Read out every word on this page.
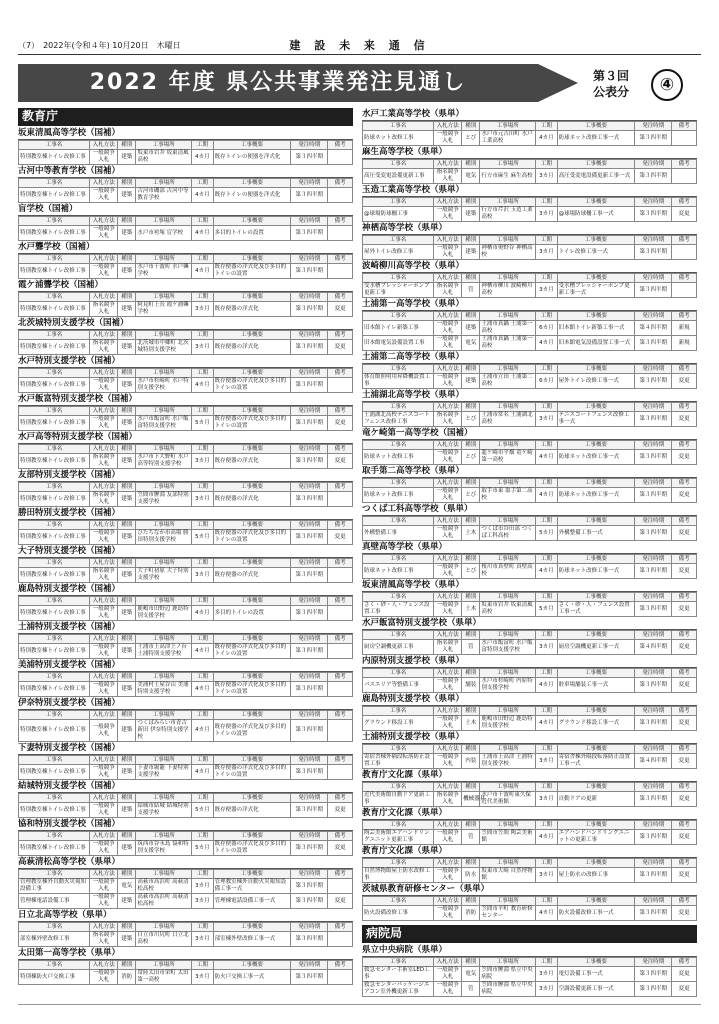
（7）　2022年(令和４年) 10月20日　木曜日	建 設 未 来 通 信
2022 年度 県公共事業発注見通し	第３回
公表分	④
教育庁
坂東清風高等学校（国補）
工事名	入札方法	種別	工事場所	工期	工事概要	発注時期	備考
特別教室棟トイレ改修工事	一般競争入札	建築	坂東市岩井 坂東清風高校	4カ月	既存トイレの便器を洋式化	第３四半期	
古河中等教育学校（国補）
工事名	入札方法	種別	工事場所	工期	工事概要	発注時期	備考
特別教室棟トイレ改修工事	一般競争入札	建築	古河市磯部 古河中等教育学校	4カ月	既存トイレの便器を洋式化	第３四半期	
盲学校（国補）
工事名	入札方法	種別	工事場所	工期	工事概要	発注時期	備考
特別教室棟トイレ改修工事	一般競争入札	建築	水戸市袴塚 盲学校	4カ月	多目的トイレの設置	第３四半期	
水戸聾学校（国補）
工事名	入札方法	種別	工事場所	工期	工事概要	発注時期	備考
特別教室棟トイレ改修工事	一般競争入札	建築	水戸市千波町 水戸聾学校	4カ月	既存便器の洋式化及び多目的トイレの設置	第３四半期	
霞ケ浦聾学校（国補）
工事名	入札方法	種別	工事場所	工期	工事概要	発注時期	備考
特別教室棟トイレ改修工事	指名競争入札	建築	阿見町上長 霞ケ浦聾学校	3カ月	既存便器の洋式化	第３四半期	変更
北茨城特別支援学校（国補）
工事名	入札方法	種別	工事場所	工期	工事概要	発注時期	備考
特別教室棟トイレ改修工事	指名競争入札	建築	北茨城市中郷町 北茨城特別支援学校	3カ月	既存便器の洋式化	第３四半期	変更
水戸特別支援学校（国補）
工事名	入札方法	種別	工事場所	工期	工事概要	発注時期	備考
特別教室棟トイレ改修工事	一般競争入札	建築	水戸市杉崎町 水戸特別支援学校	4カ月	既存便器の洋式化及び多目的トイレの設置	第３四半期	
水戸飯富特別支援学校（国補）
工事名	入札方法	種別	工事場所	工期	工事概要	発注時期	備考
特別教室棟トイレ改修工事	一般競争入札	建築	水戸市飯富町 水戸飯富特別支援学校	5カ月	既存便器の洋式化及び多目的トイレの設置	第３四半期	変更
水戸高等特別支援学校（国補）
工事名	入札方法	種別	工事場所	工期	工事概要	発注時期	備考
特別教室棟トイレ改修工事	指名競争入札	建築	水戸市下大野町 水戸高等特別支援学校	3カ月	既存便器の洋式化	第３四半期	変更
友部特別支援学校（国補）
工事名	入札方法	種別	工事場所	工期	工事概要	発注時期	備考
特別教室棟トイレ改修工事	指名競争入札	建築	笠間市鯉淵 友部特別支援学校	3カ月	既存便器の洋式化	第３四半期	
勝田特別支援学校（国補）
工事名	入札方法	種別	工事場所	工期	工事概要	発注時期	備考
特別教室棟トイレ改修工事	一般競争入札	建築	ひたちなか市高場 勝田特別支援学校	5カ月	既存便器の洋式化及び多目的トイレの設置	第３四半期	変更
大子特別支援学校（国補）
工事名	入札方法	種別	工事場所	工期	工事概要	発注時期	備考
特別教室棟トイレ改修工事	指名競争入札	建築	大子町初原 大子特別支援学校	3カ月	既存便器の洋式化	第３四半期	
鹿島特別支援学校（国補）
工事名	入札方法	種別	工事場所	工期	工事概要	発注時期	備考
特別教室棟トイレ改修工事	一般競争入札	建築	鹿嶋市田野辺 鹿島特別支援学校	4カ月	多目的トイレの設置	第３四半期	
土浦特別支援学校（国補）
工事名	入札方法	種別	工事場所	工期	工事概要	発注時期	備考
特別教室棟トイレ改修工事	一般競争入札	建築	土浦市上高津上ノ台 土浦特別支援学校	4カ月	既存便器の洋式化及び多目的トイレの設置	第３四半期	
美浦特別支援学校（国補）
工事名	入札方法	種別	工事場所	工期	工事概要	発注時期	備考
特別教室棟トイレ改修工事	一般競争入札	建築	美浦村土屋谷山 美浦特別支援学校	4カ月	既存便器の洋式化及び多目的トイレの設置	第３四半期	
伊奈特別支援学校（国補）
工事名	入札方法	種別	工事場所	工期	工事概要	発注時期	備考
特別教室棟トイレ改修工事	一般競争入札	建築	つくばみらい市青古新田 伊奈特別支援学校	4カ月	既存便器の洋式化及び多目的トイレの設置	第３四半期	
下妻特別支援学校（国補）
工事名	入札方法	種別	工事場所	工期	工事概要	発注時期	備考
特別教室棟トイレ改修工事	一般競争入札	建築	下妻市堀籠 下妻特別支援学校	4カ月	既存便器の洋式化及び多目的トイレの設置	第３四半期	
結城特別支援学校（国補）
工事名	入札方法	種別	工事場所	工期	工事概要	発注時期	備考
特別教室棟トイレ改修工事	一般競争入札	建築	結城市結城 結城特別支援学校	5カ月	既存便器の洋式化	第３四半期	変更
協和特別支援学校（国補）
工事名	入札方法	種別	工事場所	工期	工事概要	発注時期	備考
特別教室棟トイレ改修工事	一般競争入札	建築	筑西市谷永島 協和特別支援学校	5カ月	既存便器の洋式化及び多目的トイレの設置	第３四半期	変更
高萩清松高等学校（県単）
工事名	入札方法	種別	工事場所	工期	工事概要	発注時期	備考
管理教室棟外自動火災報知設備工事	一般競争入札	電気	高萩市高浜町 高萩清松高校	3カ月	管理教室棟外自動火災報知設備工事一式	第３四半期	
管理棟電話設備工事	一般競争入札	建築	高萩市高浜町 高萩清松高校	3カ月	管理棟電話設備工事一式	第３四半期	変更
日立北高等学校（県単）
工事名	入札方法	種別	工事場所	工期	工事概要	発注時期	備考
部室棟外壁改修工事	指名競争入札	建築	日立市川尻町 日立北高校	3カ月	部室棟外壁改修工事一式	第３四半期	
太田第一高等学校（県単）
工事名	入札方法	種別	工事場所	工期	工事概要	発注時期	備考
特別棟防火戸交換工事	一般競争入札	消防	常陸太田市栄町 太田第一高校	3カ月	防火戸交換工事一式	第３四半期	
水戸工業高等学校（県単）
工事名	入札方法	種別	工事場所	工期	工事概要	発注時期	備考
防球ネット改修工事	一般競争入札	とび	水戸市元吉田町 水戸工業高校	4カ月	防球ネット改修工事一式	第３四半期	
麻生高等学校（県単）
工事名	入札方法	種別	工事場所	工期	工事概要	発注時期	備考
高圧受変電設備更新工事	指名競争入札	電気	行方市麻生 麻生高校	3カ月	高圧受変電設備更新工事一式	第３四半期	
玉造工業高等学校（県単）
工事名	入札方法	種別	工事場所	工期	工事概要	発注時期	備考
@球場防球柵工事	一般競争入札	建築	行方市芹沢 玉造工業高校	3カ月	@球場防球柵工事一式	第３四半期	変更
神栖高等学校（県単）
工事名	入札方法	種別	工事場所	工期	工事概要	発注時期	備考
屋外トイレ改修工事	一般競争入札	建築	神栖市奥野谷 神栖高校	3カ月	トイレ改修工事一式	第３四半期	
波崎柳川高等学校（県単）
工事名	入札方法	種別	工事場所	工期	工事概要	発注時期	備考
受水槽ブレッシャーポンプ更新工事	指名競争入札	管	神栖市柳川 波崎柳川高校	3カ月	受水槽ブレッシャーポンプ更新工事一式	第３四半期	
土浦第一高等学校（県単）
工事名	入札方法	種別	工事場所	工期	工事概要	発注時期	備考
旧本館トイレ新築工事	一般競争入札	建築	土浦市真鍋 土浦第一高校	6カ月	旧本館トイレ新築工事一式	第４四半期	新規
旧本館電気設備設置工事	一般競争入札	電気	土浦市真鍋 土浦第一高校	4カ月	旧本館電気設備設置工事一式	第３四半期	新規
土浦第二高等学校（県単）
工事名	入札方法	種別	工事場所	工期	工事概要	発注時期	備考
体育館照明用昇降機設置工事	一般競争入札	建築	土浦市立田 土浦第二高校	6カ月	屋外トイレ改修工事一式	第３四半期	変更
土浦湖北高等学校（県単）
工事名	入札方法	種別	工事場所	工期	工事概要	発注時期	備考
土浦湖北高校テニスコートフェンス改修工事	指名競争入札	とび	土浦市常名 土浦湖北高校	3カ月	テニスコートフェンス改修工事一式	第３四半期	変更
竜ケ崎第一高等学校（国補）
工事名	入札方法	種別	工事場所	工期	工事概要	発注時期	備考
防球ネット改修工事	一般競争入札	とび	龍ケ崎市平畑 竜ケ崎第一高校	4カ月	防球ネット改修工事一式	第３四半期	変更
取手第二高等学校（県単）
工事名	入札方法	種別	工事場所	工期	工事概要	発注時期	備考
防球ネット改修工事	一般競争入札	とび	取手市東 取手第二高校	4カ月	防球ネット改修工事一式	第３四半期	変更
つくば工科高等学校（県単）
工事名	入札方法	種別	工事場所	工期	工事概要	発注時期	備考
外構整備工事	一般競争入札	土木	つくば市谷田部 つくば工科高校	5カ月	外構整備工事一式	第３四半期	変更
真壁高等学校（県単）
工事名	入札方法	種別	工事場所	工期	工事概要	発注時期	備考
防球ネット改修工事	一般競争入札	とび	桜川市真壁町 真壁高校	4カ月	防球ネット改修工事一式	第３四半期	変更
坂東清風高等学校（県単）
工事名	入札方法	種別	工事場所	工期	工事概要	発注時期	備考
さく・砂・人・フェンス設置工事	一般競争入札	土木	坂東市岩井 坂東清風高校	5カ月	さく・砂・人・フェンス設置工事一式	第３四半期	変更
水戸飯富特別支援学校（県単）
工事名	入札方法	種別	工事場所	工期	工事概要	発注時期	備考
厨房空調機更新工事	指名競争入札	管	水戸市飯富町 水戸飯富特別支援学校	3カ月	厨房空調機更新工事一式	第４四半期	変更
内原特別支援学校（県単）
工事名	入札方法	種別	工事場所	工期	工事概要	発注時期	備考
バスエリア等整備工事	一般競争入札	舗装	水戸市杉崎町 内原特別支援学校	4カ月	駐車場舗装工事一式	第３四半期	変更
鹿島特別支援学校（県単）
工事名	入札方法	種別	工事場所	工期	工事概要	発注時期	備考
グラウンド移設工事	一般競争入札	土木	鹿嶋市田野辺 鹿島特別支援学校	4カ月	グラウンド移設工事一式	第３四半期	変更
土浦特別支援学校（県単）
工事名	入札方法	種別	工事場所	工期	工事概要	発注時期	備考
寄宿舎棟外隔段転落防止設置工事	一般競争入札	内装	土浦市上高津 土浦特別支援学校	3カ月	寄宿舎棟外隔段転落防止設置工事一式	第４四半期	変更
教育庁文化課（県単）
工事名	入札方法	種別	工事場所	工期	工事概要	発注時期	備考
近代美術館自動ドア更新工事	指名競争入札	機械器具	水戸市千波町東久保 近代美術館	3カ月	自動ドアの更新	第３四半期	変更
教育庁文化課（県単）
工事名	入札方法	種別	工事場所	工期	工事概要	発注時期	備考
陶芸美術館エアハンドリングユニット更新工事	一般競争入札	管	笠間市笠間 陶芸美術館	4カ月	エアハンドハンドリングユニットの更新工事	第３四半期	変更
教育庁文化課（県単）
工事名	入札方法	種別	工事場所	工期	工事概要	発注時期	備考
自然博物館屋上防水改修工事	一般競争入札	防水	坂東市大崎 自然博物館	3カ月	屋上防水の改修工事	第３四半期	変更
茨城県教育研修センター（県単）
工事名	入札方法	種別	工事場所	工期	工事概要	発注時期	備考
防火設備改修工事	一般競争入札	消防	笠間市平町 教育研修センター	4カ月	防火設備改修工事一式	第３四半期	変更
病院局
県立中央病院（県単）
工事名	入札方法	種別	工事場所	工期	工事概要	発注時期	備考
救急センター手術室LED工事	一般競争入札	電気	笠間市鯉淵 県立中央病院	3カ月	電灯設備工事一式	第３四半期	変更
救急センターバッケージエアコン室外機更新工事	一般競争入札	管	笠間市鯉淵 県立中央病院	3カ月	空調設備更新工事一式	第３四半期	変更
